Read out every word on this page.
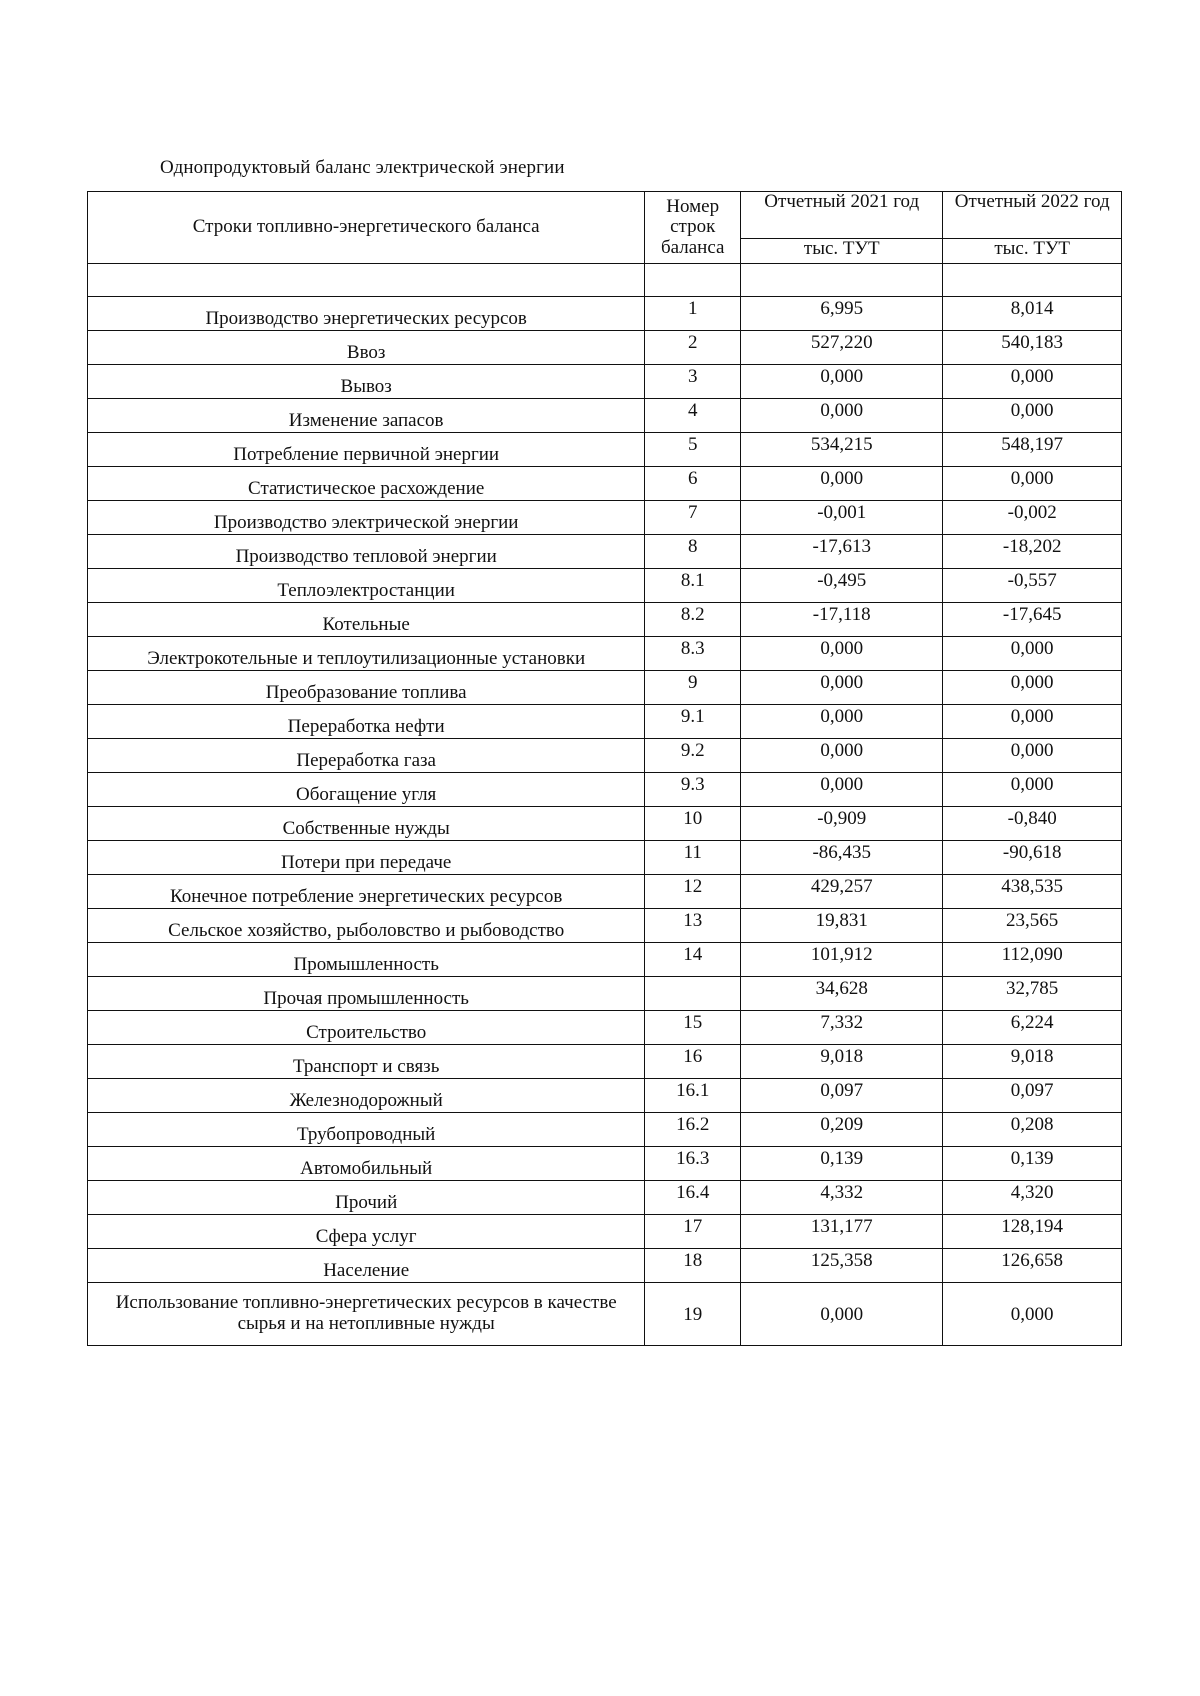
Однопродуктовый баланс электрической энергии
Строки топливно-энергетического баланса	Номер строк баланса	Отчетный 2021 год	Отчетный 2022 год
		тыс. ТУТ	тыс. ТУТ

Производство энергетических ресурсов	1	6,995	8,014
Ввоз	2	527,220	540,183
Вывоз	3	0,000	0,000
Изменение запасов	4	0,000	0,000
Потребление первичной энергии	5	534,215	548,197
Статистическое расхождение	6	0,000	0,000
Производство электрической энергии	7	-0,001	-0,002
Производство тепловой энергии	8	-17,613	-18,202
Теплоэлектростанции	8.1	-0,495	-0,557
Котельные	8.2	-17,118	-17,645
Электрокотельные и теплоутилизационные установки	8.3	0,000	0,000
Преобразование топлива	9	0,000	0,000
Переработка нефти	9.1	0,000	0,000
Переработка газа	9.2	0,000	0,000
Обогащение угля	9.3	0,000	0,000
Собственные нужды	10	-0,909	-0,840
Потери при передаче	11	-86,435	-90,618
Конечное потребление энергетических ресурсов	12	429,257	438,535
Сельское хозяйство, рыболовство и рыбоводство	13	19,831	23,565
Промышленность	14	101,912	112,090
Прочая промышленность		34,628	32,785
Строительство	15	7,332	6,224
Транспорт и связь	16	9,018	9,018
Железнодорожный	16.1	0,097	0,097
Трубопроводный	16.2	0,209	0,208
Автомобильный	16.3	0,139	0,139
Прочий	16.4	4,332	4,320
Сфера услуг	17	131,177	128,194
Население	18	125,358	126,658
Использование топливно-энергетических ресурсов в качестве сырья и на нетопливные нужды	19	0,000	0,000
